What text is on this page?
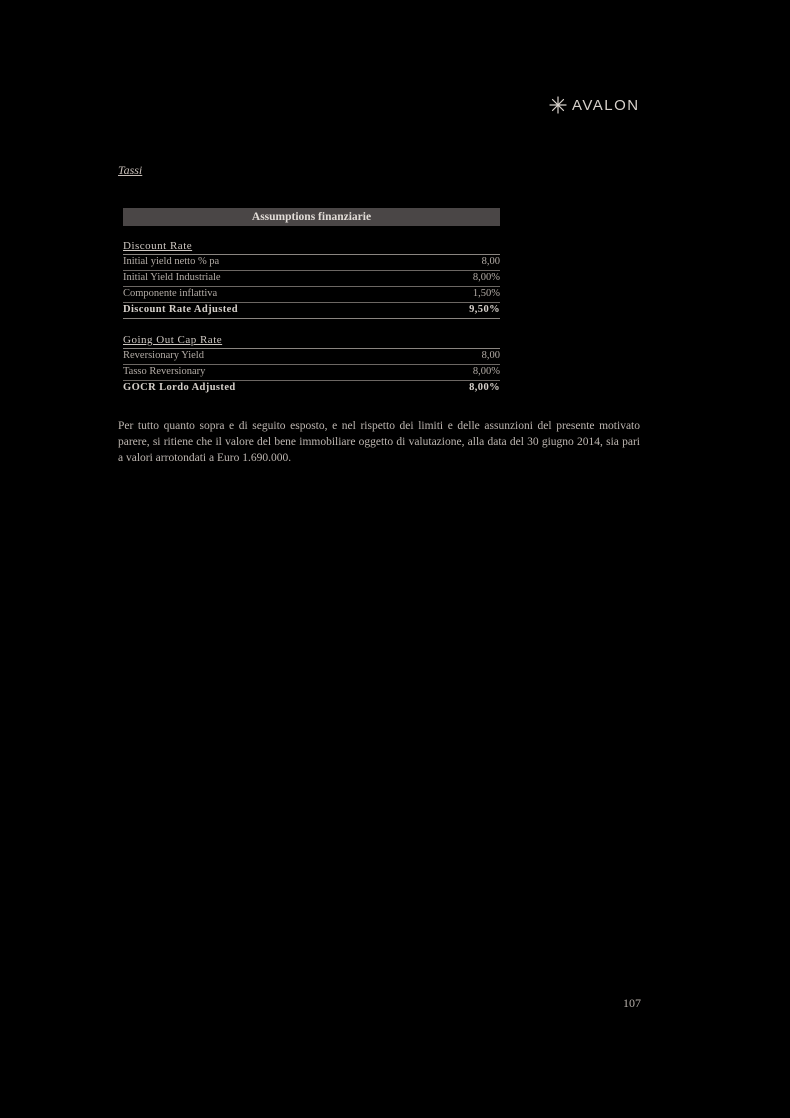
AVALON
Tassi
Assumptions finanziarie
Discount Rate
Initial yield netto % pa	8,00
Initial Yield Industriale	8,00%
Componente inflattiva	1,50%
Discount Rate Adjusted	9,50%
Going Out Cap Rate
Reversionary Yield	8,00
Tasso Reversionary	8,00%
GOCR Lordo Adjusted	8,00%

Per tutto quanto sopra e di seguito esposto, e nel rispetto dei limiti e delle assunzioni del presente motivato parere, si ritiene che il valore del bene immobiliare oggetto di valutazione, alla data del 30 giugno 2014, sia pari a valori arrotondati a Euro 1.690.000.

107
